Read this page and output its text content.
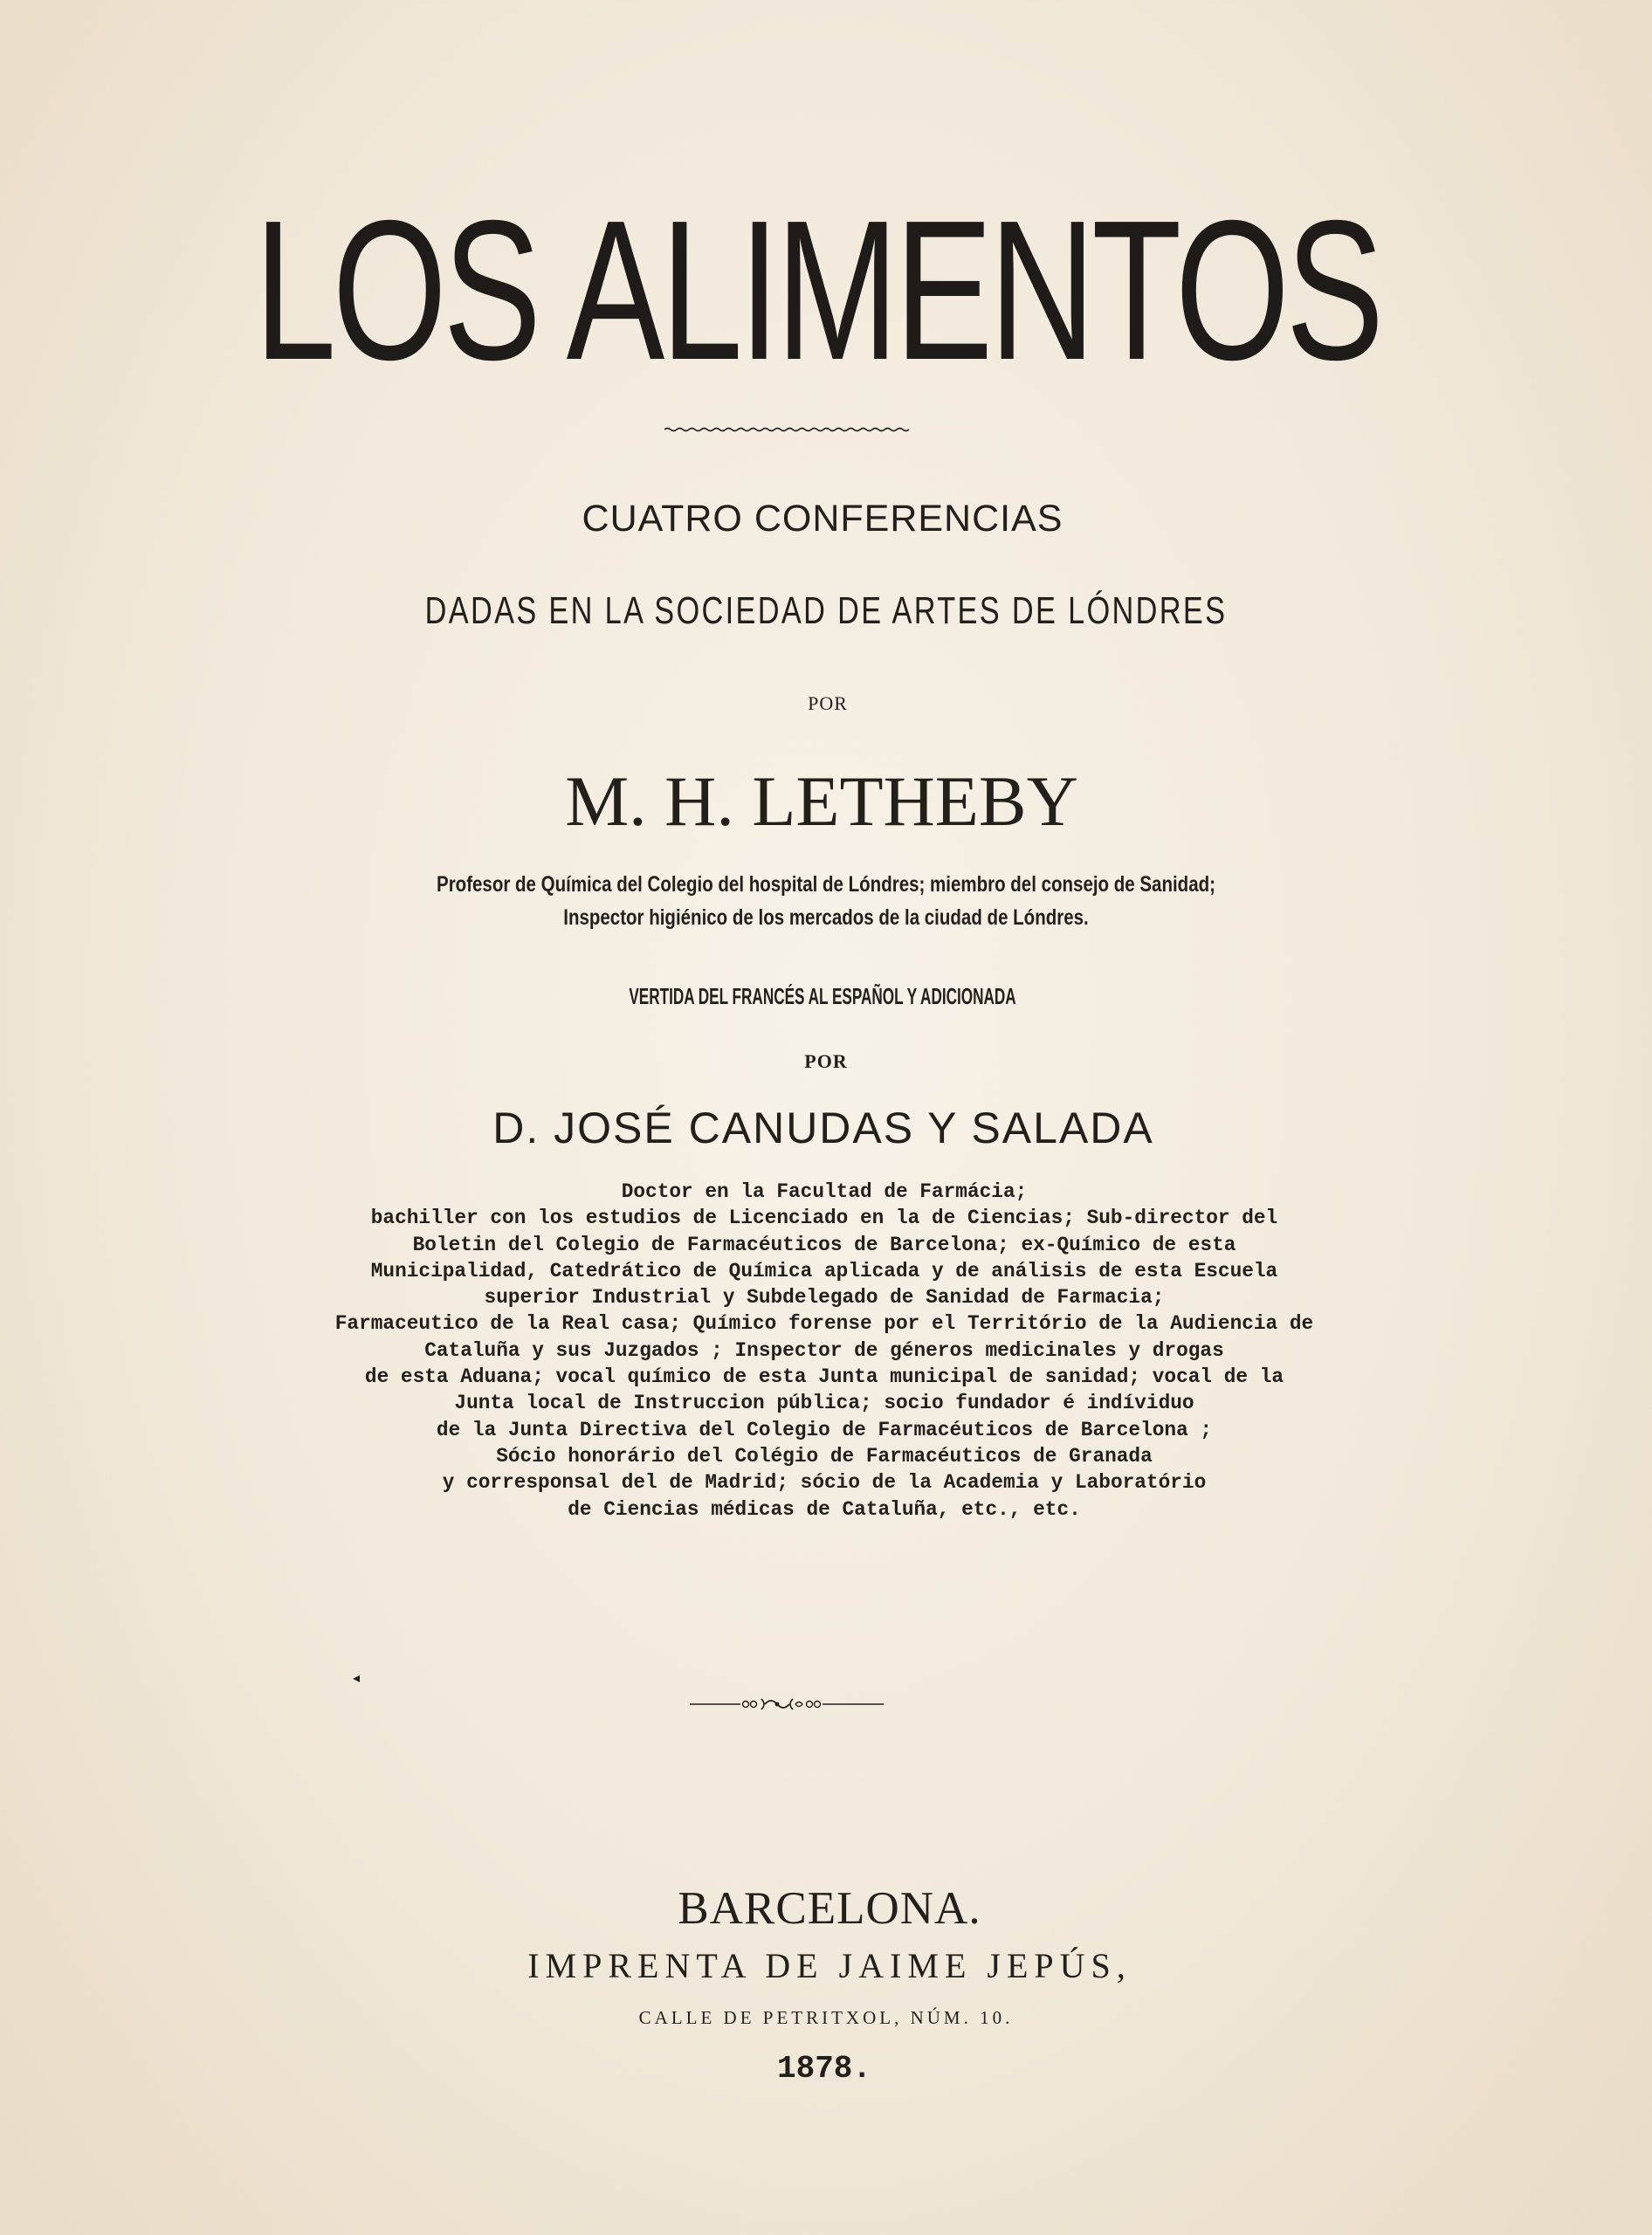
LOS ALIMENTOS

CUATRO CONFERENCIAS

DADAS EN LA SOCIEDAD DE ARTES DE LÓNDRES

POR

M. H. LETHEBY

Profesor de Química del Colegio del hospital de Lóndres; miembro del consejo de Sanidad;
Inspector higiénico de los mercados de la ciudad de Lóndres.

VERTIDA DEL FRANCÉS AL ESPAÑOL Y ADICIONADA

POR

D. JOSÉ CANUDAS Y SALADA

Doctor en la Facultad de Farmácia;
bachiller con los estudios de Licenciado en la de Ciencias; Sub-director del
Boletin del Colegio de Farmacéuticos de Barcelona; ex-Químico de esta
Municipalidad, Catedrático de Química aplicada y de análisis de esta Escuela
superior Industrial y Subdelegado de Sanidad de Farmacia;
Farmaceutico de la Real casa; Químico forense por el Território de la Audiencia de
Cataluña y sus Juzgados ; Inspector de géneros medicinales y drogas
de esta Aduana; vocal químico de esta Junta municipal de sanidad; vocal de la
Junta local de Instruccion pública; socio fundador é indíviduo
de la Junta Directiva del Colegio de Farmacéuticos de Barcelona ;
Sócio honorário del Colégio de Farmacéuticos de Granada
y corresponsal del de Madrid; sócio de la Academia y Laboratório
de Ciencias médicas de Cataluña, etc., etc.
◂

BARCELONA.

IMPRENTA DE JAIME JEPÚS,

CALLE DE PETRITXOL, NÚM. 10.

1878.
